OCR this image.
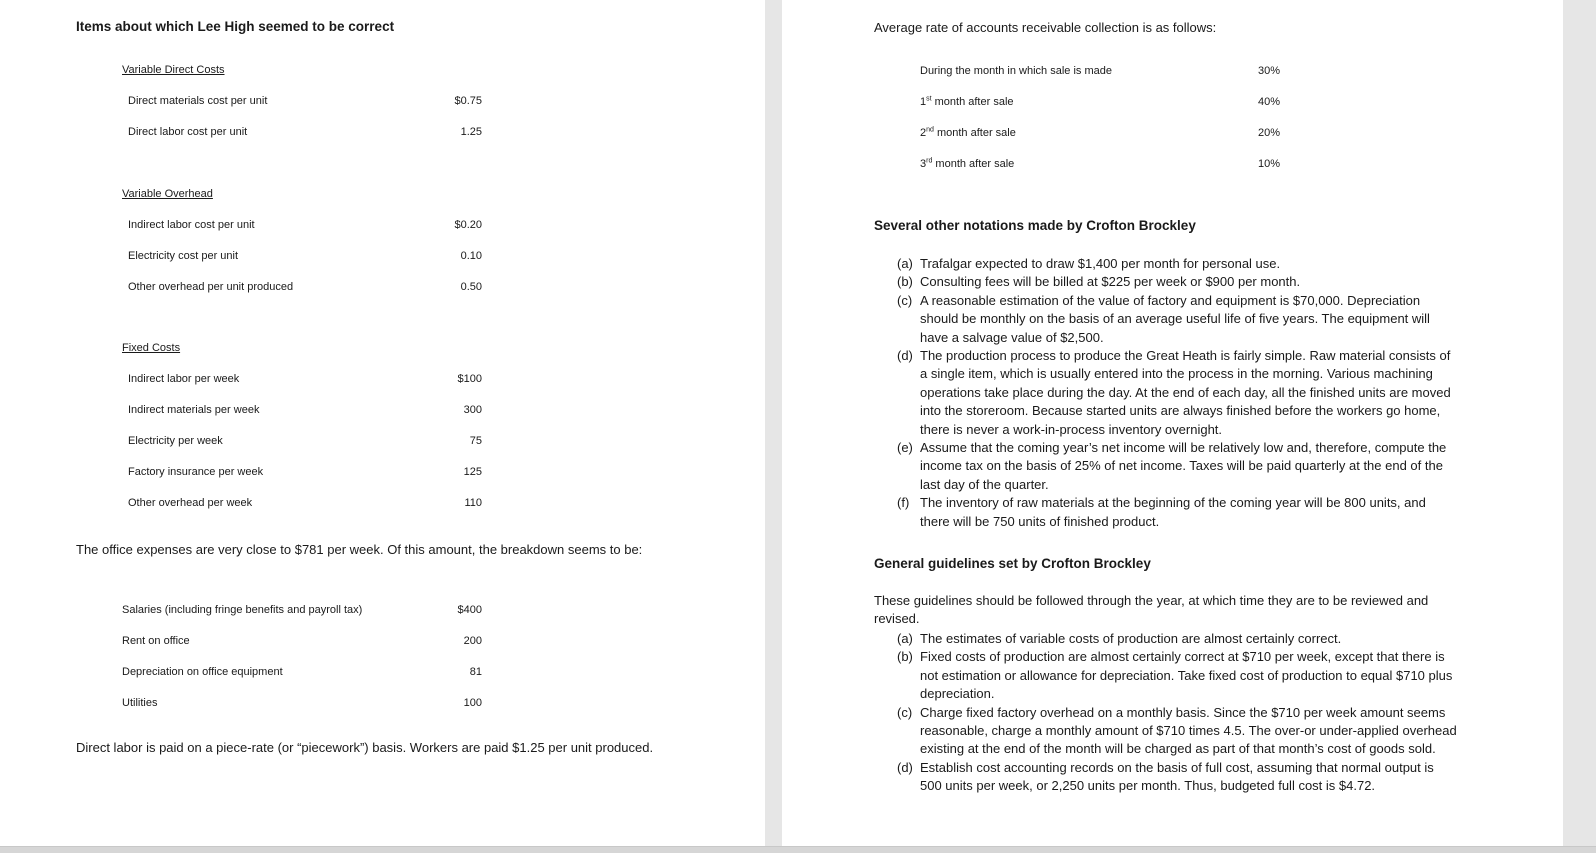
Items about which Lee High seemed to be correct
Variable Direct Costs
Direct materials cost per unit	$0.75
Direct labor cost per unit	1.25
Variable Overhead
Indirect labor cost per unit	$0.20
Electricity cost per unit	0.10
Other overhead per unit produced	0.50
Fixed Costs
Indirect labor per week	$100
Indirect materials per week	300
Electricity per week	75
Factory insurance per week	125
Other overhead per week	110
The office expenses are very close to $781 per week. Of this amount, the breakdown seems to be:
Salaries (including fringe benefits and payroll tax)	$400
Rent on office	200
Depreciation on office equipment	81
Utilities	100
Direct labor is paid on a piece-rate (or “piecework”) basis. Workers are paid $1.25 per unit produced.
Average rate of accounts receivable collection is as follows:
During the month in which sale is made	30%
1st month after sale	40%
2nd month after sale	20%
3rd month after sale	10%
Several other notations made by Crofton Brockley
(a) Trafalgar expected to draw $1,400 per month for personal use.
(b) Consulting fees will be billed at $225 per week or $900 per month.
(c) A reasonable estimation of the value of factory and equipment is $70,000. Depreciation should be monthly on the basis of an average useful life of five years. The equipment will have a salvage value of $2,500.
(d) The production process to produce the Great Heath is fairly simple. Raw material consists of a single item, which is usually entered into the process in the morning. Various machining operations take place during the day. At the end of each day, all the finished units are moved into the storeroom. Because started units are always finished before the workers go home, there is never a work-in-process inventory overnight.
(e) Assume that the coming year’s net income will be relatively low and, therefore, compute the income tax on the basis of 25% of net income. Taxes will be paid quarterly at the end of the last day of the quarter.
(f) The inventory of raw materials at the beginning of the coming year will be 800 units, and there will be 750 units of finished product.
General guidelines set by Crofton Brockley
These guidelines should be followed through the year, at which time they are to be reviewed and revised.
(a) The estimates of variable costs of production are almost certainly correct.
(b) Fixed costs of production are almost certainly correct at $710 per week, except that there is not estimation or allowance for depreciation. Take fixed cost of production to equal $710 plus depreciation.
(c) Charge fixed factory overhead on a monthly basis. Since the $710 per week amount seems reasonable, charge a monthly amount of $710 times 4.5. The over-or under-applied overhead existing at the end of the month will be charged as part of that month’s cost of goods sold.
(d) Establish cost accounting records on the basis of full cost, assuming that normal output is 500 units per week, or 2,250 units per month. Thus, budgeted full cost is $4.72.
